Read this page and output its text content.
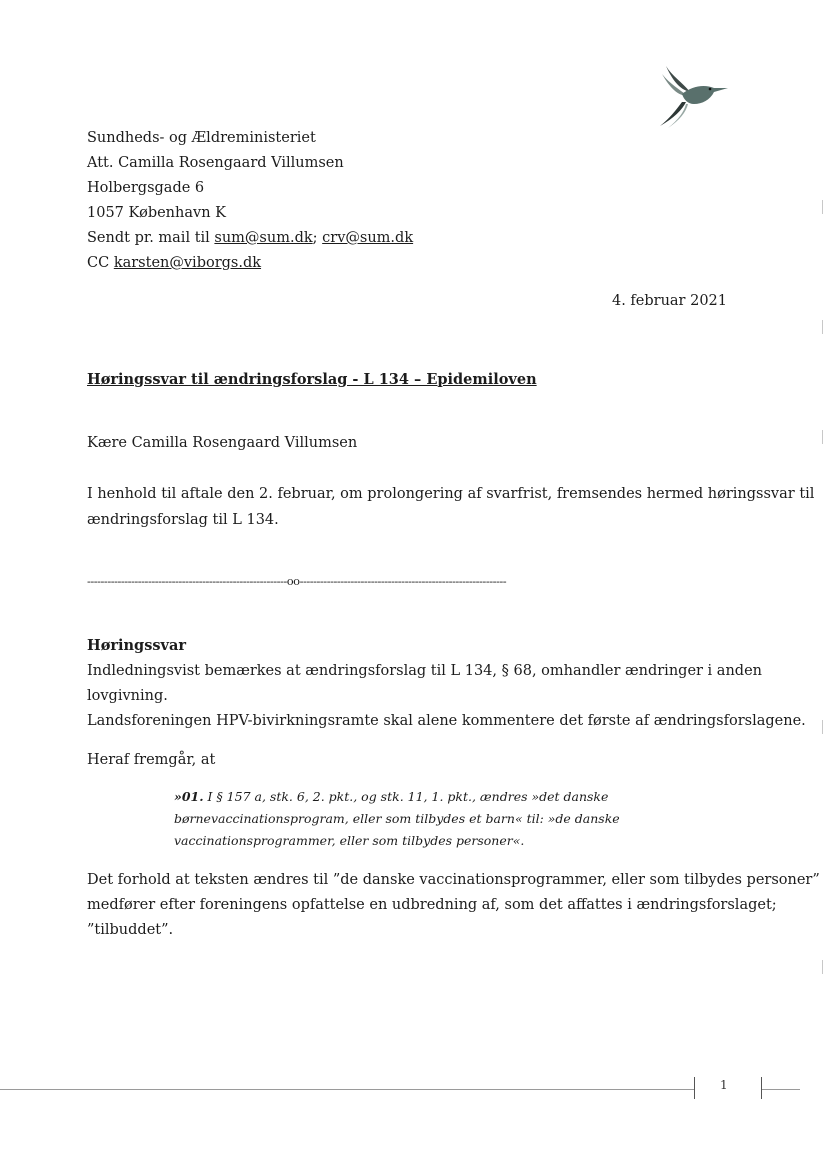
Sundheds- og Ældreministeriet
Att. Camilla Rosengaard Villumsen
Holbergsgade 6
1057 København K
Sendt pr. mail til sum@sum.dk; crv@sum.dk
CC karsten@viborgs.dk
4. februar 2021
Høringssvar til ændringsforslag - L 134 – Epidemiloven
Kære Camilla Rosengaard Villumsen
I henhold til aftale den 2. februar, om prolongering af svarfrist, fremsendes hermed høringssvar til
ændringsforslag til L 134.
-----------------------------------------------------------oo-------------------------------------------------------------
Høringssvar
Indledningsvist bemærkes at ændringsforslag til L 134, § 68, omhandler ændringer i anden
lovgivning.
Landsforeningen HPV-bivirkningsramte skal alene kommentere det første af ændringsforslagene.
Heraf fremgår, at
»01. I § 157 a, stk. 6, 2. pkt., og stk. 11, 1. pkt., ændres »det danske
børnevaccinationsprogram, eller som tilbydes et barn« til: »de danske
vaccinationsprogrammer, eller som tilbydes personer«.
Det forhold at teksten ændres til ”de danske vaccinationsprogrammer, eller som tilbydes personer”
medfører efter foreningens opfattelse en udbredning af, som det affattes i ændringsforslaget;
”tilbuddet”.
1
